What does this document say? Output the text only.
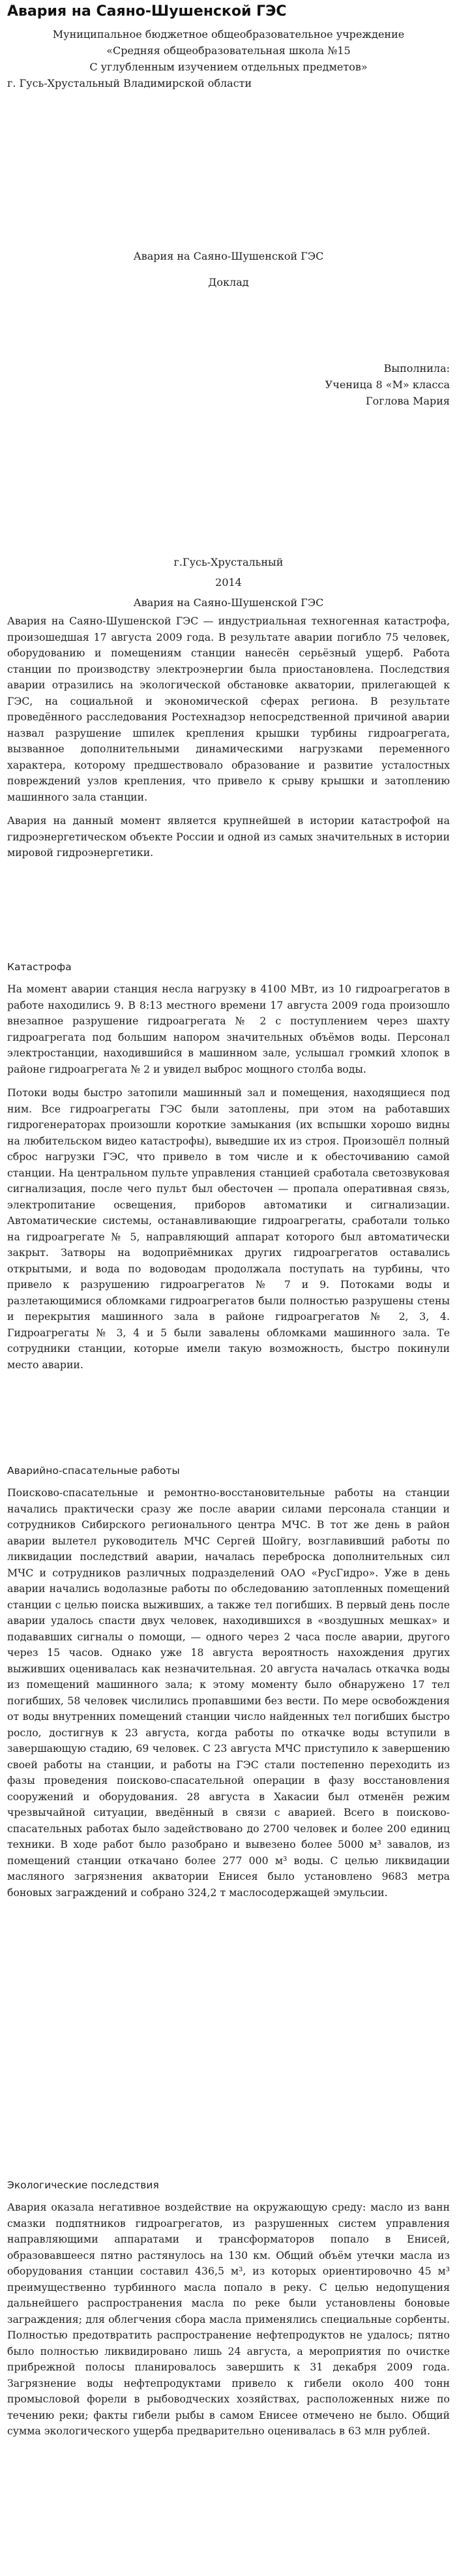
Авария на Саяно-Шушенской ГЭС
Муниципальное бюджетное общеобразовательное учреждение
«Средняя общеобразовательная школа №15
С углубленным изучением отдельных предметов»
г. Гусь-Хрустальный Владимирской области
Авария на Саяно-Шушенской ГЭС
Доклад
Выполнила:
Ученица 8 «М» класса
Гоглова Мария
г.Гусь-Хрустальный
2014
Авария на Саяно-Шушенской ГЭС

Авария на Саяно-Шушенской ГЭС — индустриальная техногенная катастрофа, произошедшая 17 августа 2009 года. В результате аварии погибло 75 человек, оборудованию и помещениям станции нанесён серьёзный ущерб. Работа станции по производству электроэнергии была приостановлена. Последствия аварии отразились на экологической обстановке акватории, прилегающей к ГЭС, на социальной и экономической сферах региона. В результате проведённого расследования Ростехнадзор непосредственной причиной аварии назвал разрушение шпилек крепления крышки турбины гидроагрегата, вызванное дополнительными динамическими нагрузками переменного характера, которому предшествовало образование и развитие усталостных повреждений узлов крепления, что привело к срыву крышки и затоплению машинного зала станции.

Авария на данный момент является крупнейшей в истории катастрофой на гидроэнергетическом объекте России и одной из самых значительных в истории мировой гидроэнергетики.

Катастрофа

На момент аварии станция несла нагрузку в 4100 МВт, из 10 гидроагрегатов в работе находились 9. В 8:13 местного времени 17 августа 2009 года произошло внезапное разрушение гидроагрегата № 2 с поступлением через шахту гидроагрегата под большим напором значительных объёмов воды. Персонал электростанции, находившийся в машинном зале, услышал громкий хлопок в районе гидроагрегата № 2 и увидел выброс мощного столба воды.

Потоки воды быстро затопили машинный зал и помещения, находящиеся под ним. Все гидроагрегаты ГЭС были затоплены, при этом на работавших гидрогенераторах произошли короткие замыкания (их вспышки хорошо видны на любительском видео катастрофы), выведшие их из строя. Произошёл полный сброс нагрузки ГЭС, что привело в том числе и к обесточиванию самой станции. На центральном пульте управления станцией сработала светозвуковая сигнализация, после чего пульт был обесточен — пропала оперативная связь, электропитание освещения, приборов автоматики и сигнализации. Автоматические системы, останавливающие гидроагрегаты, сработали только на гидроагрегате № 5, направляющий аппарат которого был автоматически закрыт. Затворы на водоприёмниках других гидроагрегатов оставались открытыми, и вода по водоводам продолжала поступать на турбины, что привело к разрушению гидроагрегатов № 7 и 9. Потоками воды и разлетающимися обломками гидроагрегатов были полностью разрушены стены и перекрытия машинного зала в районе гидроагрегатов № 2, 3, 4. Гидроагрегаты № 3, 4 и 5 были завалены обломками машинного зала. Те сотрудники станции, которые имели такую возможность, быстро покинули место аварии.

Аварийно-спасательные работы

Поисково-спасательные и ремонтно-восстановительные работы на станции начались практически сразу же после аварии силами персонала станции и сотрудников Сибирского регионального центра МЧС. В тот же день в район аварии вылетел руководитель МЧС Сергей Шойгу, возглавивший работы по ликвидации последствий аварии, началась переброска дополнительных сил МЧС и сотрудников различных подразделений ОАО «РусГидро». Уже в день аварии начались водолазные работы по обследованию затопленных помещений станции с целью поиска выживших, а также тел погибших. В первый день после аварии удалось спасти двух человек, находившихся в «воздушных мешках» и подававших сигналы о помощи, — одного через 2 часа после аварии, другого через 15 часов. Однако уже 18 августа вероятность нахождения других выживших оценивалась как незначительная. 20 августа началась откачка воды из помещений машинного зала; к этому моменту было обнаружено 17 тел погибших, 58 человек числились пропавшими без вести. По мере освобождения от воды внутренних помещений станции число найденных тел погибших быстро росло, достигнув к 23 августа, когда работы по откачке воды вступили в завершающую стадию, 69 человек. С 23 августа МЧС приступило к завершению своей работы на станции, и работы на ГЭС стали постепенно переходить из фазы проведения поисково-спасательной операции в фазу восстановления сооружений и оборудования. 28 августа в Хакасии был отменён режим чрезвычайной ситуации, введённый в связи с аварией. Всего в поисково-спасательных работах было задействовано до 2700 человек и более 200 единиц техники. В ходе работ было разобрано и вывезено более 5000 м³ завалов, из помещений станции откачано более 277 000 м³ воды. С целью ликвидации масляного загрязнения акватории Енисея было установлено 9683 метра боновых заграждений и собрано 324,2 т маслосодержащей эмульсии.

Экологические последствия

Авария оказала негативное воздействие на окружающую среду: масло из ванн смазки подпятников гидроагрегатов, из разрушенных систем управления направляющими аппаратами и трансформаторов попало в Енисей, образовавшееся пятно растянулось на 130 км. Общий объём утечки масла из оборудования станции составил 436,5 м³, из которых ориентировочно 45 м³ преимущественно турбинного масла попало в реку. С целью недопущения дальнейшего распространения масла по реке были установлены боновые заграждения; для облегчения сбора масла применялись специальные сорбенты. Полностью предотвратить распространение нефтепродуктов не удалось; пятно было полностью ликвидировано лишь 24 августа, а мероприятия по очистке прибрежной полосы планировалось завершить к 31 декабря 2009 года. Загрязнение воды нефтепродуктами привело к гибели около 400 тонн промысловой форели в рыбоводческих хозяйствах, расположенных ниже по течению реки; факты гибели рыбы в самом Енисее отмечено не было. Общий сумма экологического ущерба предварительно оценивалась в 63 млн рублей.
